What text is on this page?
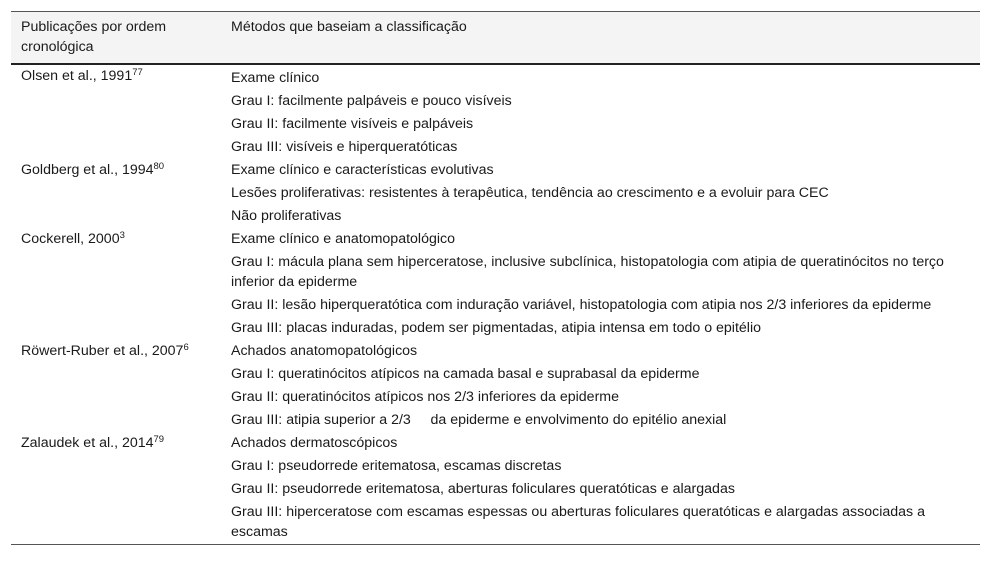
Publicações por ordem cronológica	Métodos que baseiam a classificação
Olsen et al., 1991$^{77}$	Exame clínico
Grau I: facilmente palpáveis e pouco visíveis
Grau II: facilmente visíveis e palpáveis
Grau III: visíveis e hiperqueratóticas

Goldberg et al., 1994$^{80}$	Exame clínico e características evolutivas
Lesões proliferativas: resistentes à terapêutica, tendência ao crescimento e a evoluir para CEC
Não proliferativas

Cockerell, 2000$^3$	Exame clínico e anatomopatológico
Grau I: mácula plana sem hiperceratose, inclusive subclínica, histopatologia com atipia de queratinócitos no terço inferior da epiderme
Grau II: lesão hiperqueratótica com induração variável, histopatologia com atipia nos 2/3 inferiores da epiderme
Grau III: placas induradas, podem ser pigmentadas, atipia intensa em todo o epitélio

Röwert-Ruber et al., 2007$^6$	Achados anatomopatológicos
Grau I: queratinócitos atípicos na camada basal e suprabasal da epiderme
Grau II: queratinócitos atípicos nos 2/3 inferiores da epiderme
Grau III: atipia superior a 2/3     da epiderme e envolvimento do epitélio anexial

Zalaudek et al., 2014$^{79}$	Achados dermatoscópicos
Grau I: pseudorrede eritematosa, escamas discretas
Grau II: pseudorrede eritematosa, aberturas foliculares queratóticas e alargadas
Grau III: hiperceratose com escamas espessas ou aberturas foliculares queratóticas e alargadas associadas a escamas
